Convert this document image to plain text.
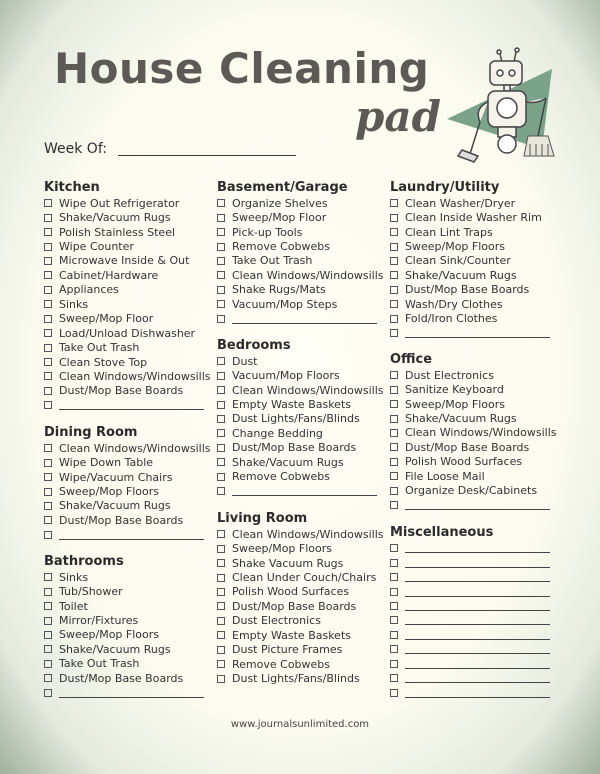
House Cleaning
pad
Week Of:
Kitchen
Wipe Out Refrigerator
Shake/Vacuum Rugs
Polish Stainless Steel
Wipe Counter
Microwave Inside & Out
Cabinet/Hardware
Appliances
Sinks
Sweep/Mop Floor
Load/Unload Dishwasher
Take Out Trash
Clean Stove Top
Clean Windows/Windowsills
Dust/Mop Base Boards
Dining Room
Clean Windows/Windowsills
Wipe Down Table
Wipe/Vacuum Chairs
Sweep/Mop Floors
Shake/Vacuum Rugs
Dust/Mop Base Boards
Bathrooms
Sinks
Tub/Shower
Toilet
Mirror/Fixtures
Sweep/Mop Floors
Shake/Vacuum Rugs
Take Out Trash
Dust/Mop Base Boards
Basement/Garage
Organize Shelves
Sweep/Mop Floor
Pick-up Tools
Remove Cobwebs
Take Out Trash
Clean Windows/Windowsills
Shake Rugs/Mats
Vacuum/Mop Steps
Bedrooms
Dust
Vacuum/Mop Floors
Clean Windows/Windowsills
Empty Waste Baskets
Dust Lights/Fans/Blinds
Change Bedding
Dust/Mop Base Boards
Shake/Vacuum Rugs
Remove Cobwebs
Living Room
Clean Windows/Windowsills
Sweep/Mop Floors
Shake Vacuum Rugs
Clean Under Couch/Chairs
Polish Wood Surfaces
Dust/Mop Base Boards
Dust Electronics
Empty Waste Baskets
Dust Picture Frames
Remove Cobwebs
Dust Lights/Fans/Blinds
Laundry/Utility
Clean Washer/Dryer
Clean Inside Washer Rim
Clean Lint Traps
Sweep/Mop Floors
Clean Sink/Counter
Shake/Vacuum Rugs
Dust/Mop Base Boards
Wash/Dry Clothes
Fold/Iron Clothes
Office
Dust Electronics
Sanitize Keyboard
Sweep/Mop Floors
Shake/Vacuum Rugs
Clean Windows/Windowsills
Dust/Mop Base Boards
Polish Wood Surfaces
File Loose Mail
Organize Desk/Cabinets
Miscellaneous
www.journalsunlimited.com
